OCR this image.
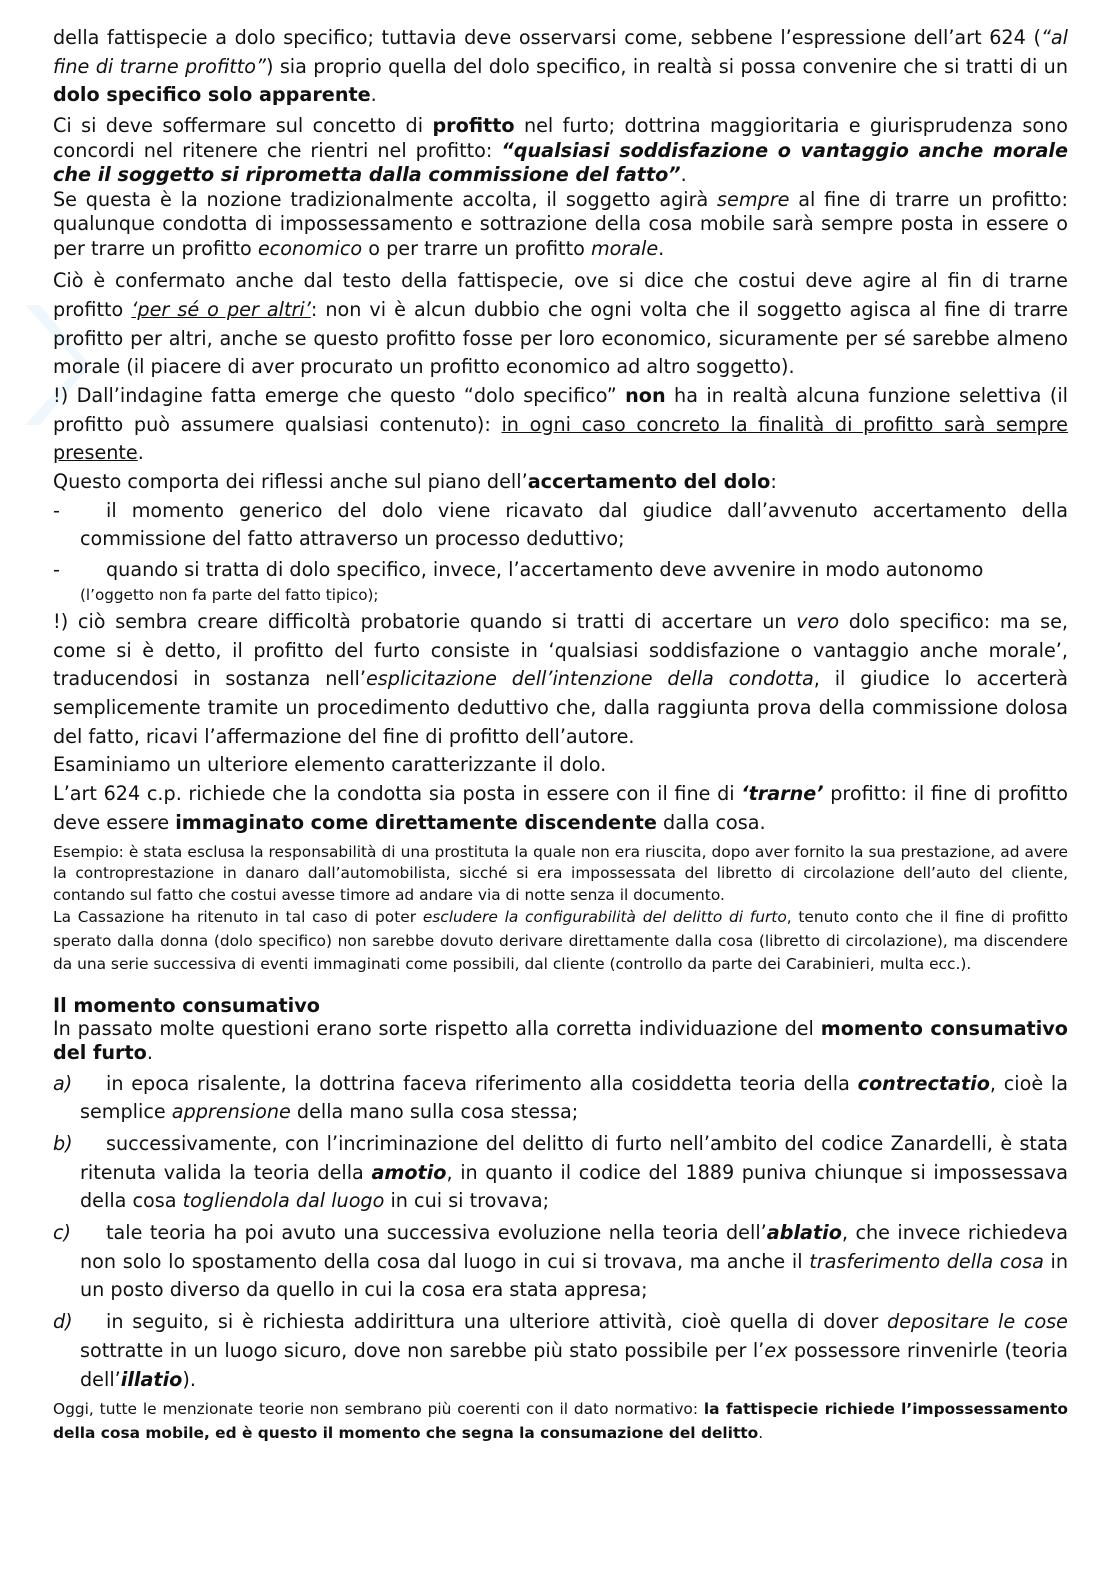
della fattispecie a dolo specifico; tuttavia deve osservarsi come, sebbene l’espressione dell’art 624 (“al fine di trarne profitto”) sia proprio quella del dolo specifico, in realtà si possa convenire che si tratti di un dolo specifico solo apparente.

Ci si deve soffermare sul concetto di profitto nel furto; dottrina maggioritaria e giurisprudenza sono concordi nel ritenere che rientri nel profitto: “qualsiasi soddisfazione o vantaggio anche morale che il soggetto si riprometta dalla commissione del fatto”.

Se questa è la nozione tradizionalmente accolta, il soggetto agirà sempre al fine di trarre un profitto: qualunque condotta di impossessamento e sottrazione della cosa mobile sarà sempre posta in essere o per trarre un profitto economico o per trarre un profitto morale.

Ciò è confermato anche dal testo della fattispecie, ove si dice che costui deve agire al fin di trarne profitto ‘per sé o per altri’: non vi è alcun dubbio che ogni volta che il soggetto agisca al fine di trarre profitto per altri, anche se questo profitto fosse per loro economico, sicuramente per sé sarebbe almeno morale (il piacere di aver procurato un profitto economico ad altro soggetto).

!) Dall’indagine fatta emerge che questo “dolo specifico” non ha in realtà alcuna funzione selettiva (il profitto può assumere qualsiasi contenuto): in ogni caso concreto la finalità di profitto sarà sempre presente.

Questo comporta dei riflessi anche sul piano dell’accertamento del dolo:

- il momento generico del dolo viene ricavato dal giudice dall’avvenuto accertamento della commissione del fatto attraverso un processo deduttivo;
- quando si tratta di dolo specifico, invece, l’accertamento deve avvenire in modo autonomo
(l’oggetto non fa parte del fatto tipico);

!) ciò sembra creare difficoltà probatorie quando si tratti di accertare un vero dolo specifico: ma se, come si è detto, il profitto del furto consiste in ‘qualsiasi soddisfazione o vantaggio anche morale’, traducendosi in sostanza nell’esplicitazione dell’intenzione della condotta, il giudice lo accerterà semplicemente tramite un procedimento deduttivo che, dalla raggiunta prova della commissione dolosa del fatto, ricavi l’affermazione del fine di profitto dell’autore.

Esaminiamo un ulteriore elemento caratterizzante il dolo.

L’art 624 c.p. richiede che la condotta sia posta in essere con il fine di ‘trarne’ profitto: il fine di profitto deve essere immaginato come direttamente discendente dalla cosa.

Esempio: è stata esclusa la responsabilità di una prostituta la quale non era riuscita, dopo aver fornito la sua prestazione, ad avere la controprestazione in danaro dall’automobilista, sicché si era impossessata del libretto di circolazione dell’auto del cliente, contando sul fatto che costui avesse timore ad andare via di notte senza il documento.

La Cassazione ha ritenuto in tal caso di poter escludere la configurabilità del delitto di furto, tenuto conto che il fine di profitto sperato dalla donna (dolo specifico) non sarebbe dovuto derivare direttamente dalla cosa (libretto di circolazione), ma discendere da una serie successiva di eventi immaginati come possibili, dal cliente (controllo da parte dei Carabinieri, multa ecc.).

Il momento consumativo

In passato molte questioni erano sorte rispetto alla corretta individuazione del momento consumativo del furto.

a) in epoca risalente, la dottrina faceva riferimento alla cosiddetta teoria della contrectatio, cioè la semplice apprensione della mano sulla cosa stessa;
b) successivamente, con l’incriminazione del delitto di furto nell’ambito del codice Zanardelli, è stata ritenuta valida la teoria della amotio, in quanto il codice del 1889 puniva chiunque si impossessava della cosa togliendola dal luogo in cui si trovava;
c) tale teoria ha poi avuto una successiva evoluzione nella teoria dell’ablatio, che invece richiedeva non solo lo spostamento della cosa dal luogo in cui si trovava, ma anche il trasferimento della cosa in un posto diverso da quello in cui la cosa era stata appresa;
d) in seguito, si è richiesta addirittura una ulteriore attività, cioè quella di dover depositare le cose sottratte in un luogo sicuro, dove non sarebbe più stato possibile per l’ex possessore rinvenirle (teoria dell’illatio).

Oggi, tutte le menzionate teorie non sembrano più coerenti con il dato normativo: la fattispecie richiede l’impossessamento della cosa mobile, ed è questo il momento che segna la consumazione del delitto.
